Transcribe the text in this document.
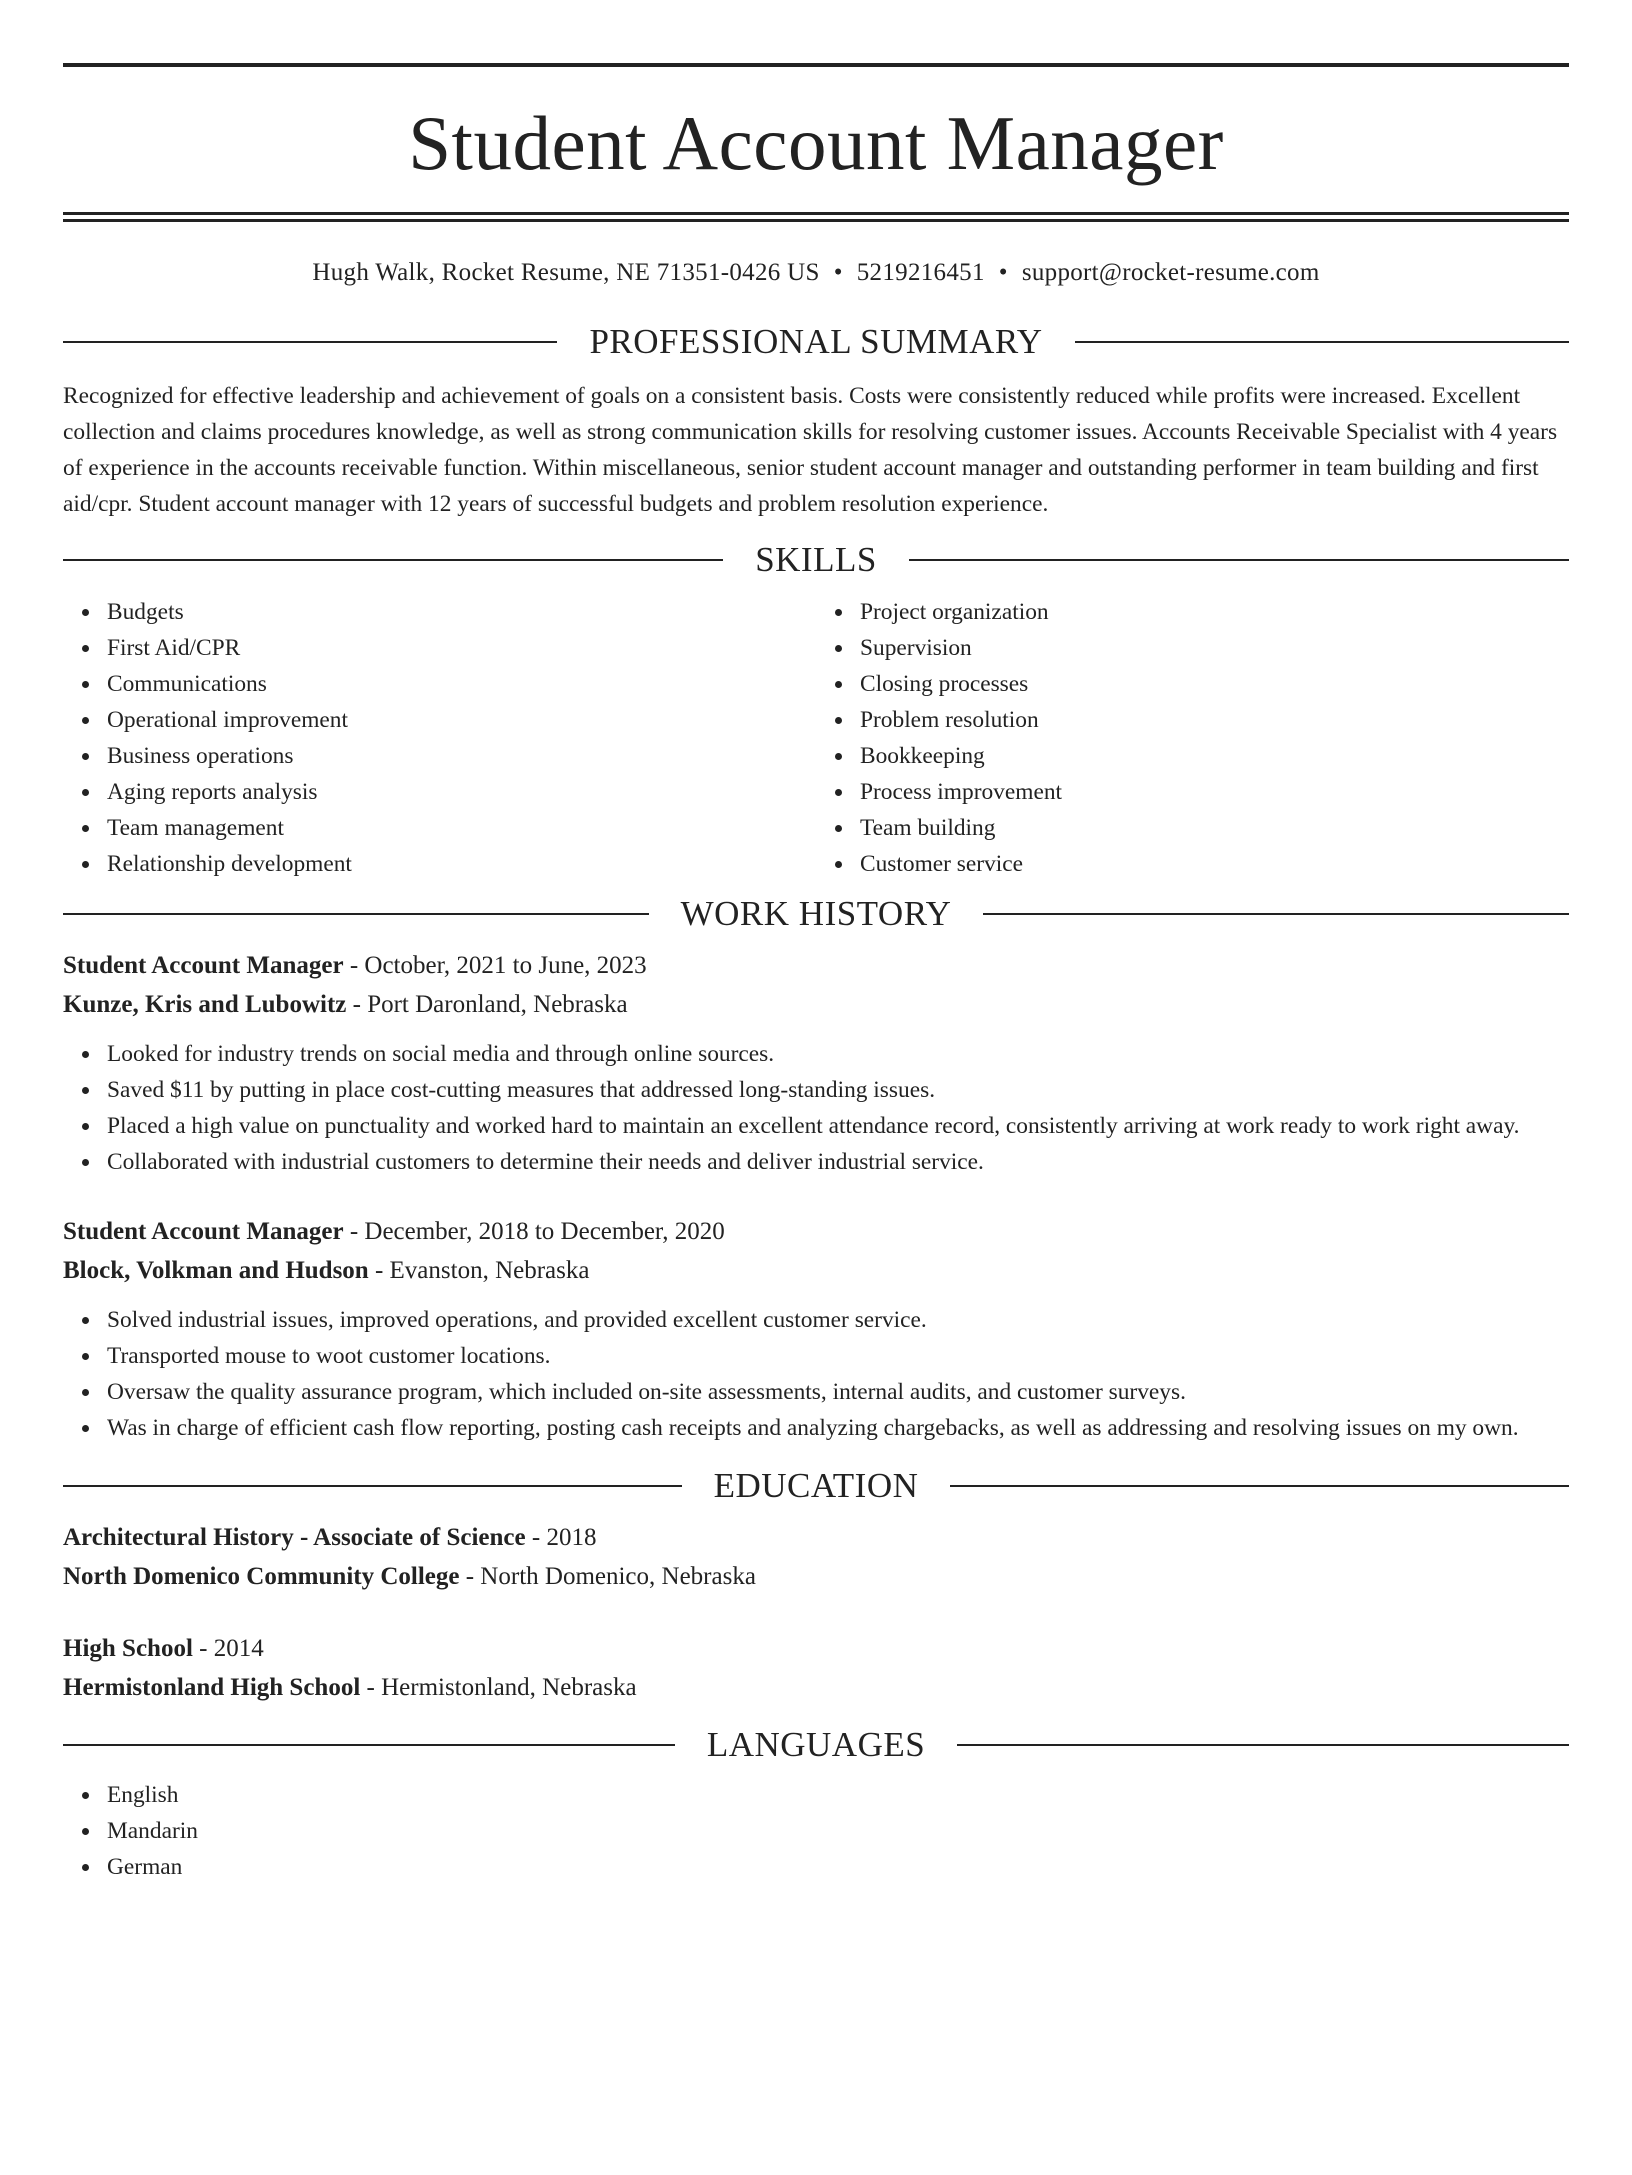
Student Account Manager
Hugh Walk, Rocket Resume, NE 71351-0426 US • 5219216451 • support@rocket-resume.com
PROFESSIONAL SUMMARY

Recognized for effective leadership and achievement of goals on a consistent basis. Costs were consistently reduced while profits were increased. Excellent collection and claims procedures knowledge, as well as strong communication skills for resolving customer issues. Accounts Receivable Specialist with 4 years of experience in the accounts receivable function. Within miscellaneous, senior student account manager and outstanding performer in team building and first aid/cpr. Student account manager with 12 years of successful budgets and problem resolution experience.

SKILLS
Budgets
First Aid/CPR
Communications
Operational improvement
Business operations
Aging reports analysis
Team management
Relationship development
Project organization
Supervision
Closing processes
Problem resolution
Bookkeeping
Process improvement
Team building
Customer service
WORK HISTORY
Student Account Manager - October, 2021 to June, 2023
Kunze, Kris and Lubowitz - Port Daronland, Nebraska
Looked for industry trends on social media and through online sources.
Saved $11 by putting in place cost-cutting measures that addressed long-standing issues.
Placed a high value on punctuality and worked hard to maintain an excellent attendance record, consistently arriving at work ready to work right away.
Collaborated with industrial customers to determine their needs and deliver industrial service.
Student Account Manager - December, 2018 to December, 2020
Block, Volkman and Hudson - Evanston, Nebraska
Solved industrial issues, improved operations, and provided excellent customer service.
Transported mouse to woot customer locations.
Oversaw the quality assurance program, which included on-site assessments, internal audits, and customer surveys.
Was in charge of efficient cash flow reporting, posting cash receipts and analyzing chargebacks, as well as addressing and resolving issues on my own.
EDUCATION
Architectural History - Associate of Science - 2018
North Domenico Community College - North Domenico, Nebraska
High School - 2014
Hermistonland High School - Hermistonland, Nebraska
LANGUAGES
English
Mandarin
German
